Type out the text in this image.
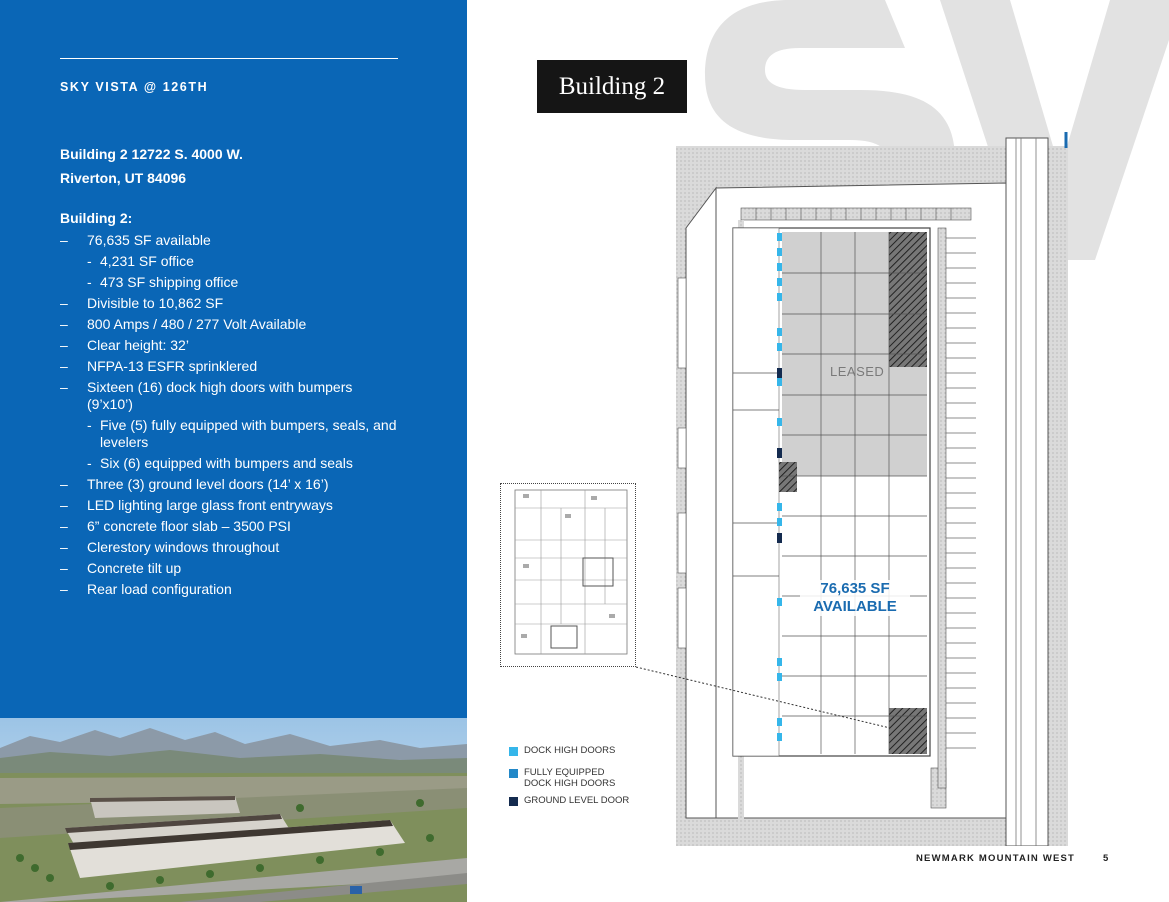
SKY VISTA @ 126TH
Building 2 12722 S. 4000 W.
Riverton, UT 84096
Building 2:
– 76,635 SF available
- 4,231 SF office
- 473 SF shipping office
– Divisible to 10,862 SF
– 800 Amps / 480 / 277 Volt Available
– Clear height: 32’
– NFPA-13 ESFR sprinklered
– Sixteen (16) dock high doors with bumpers (9’x10’)
- Five (5) fully equipped with bumpers, seals, and levelers
- Six (6) equipped with bumpers and seals
– Three (3) ground level doors (14’ x 16’)
– LED lighting large glass front entryways
– 6” concrete floor slab – 3500 PSI
– Clerestory windows throughout
– Concrete tilt up
– Rear load configuration
Building 2
LEASED
76,635 SF
AVAILABLE
DOCK HIGH DOORS
FULLY EQUIPPED DOCK HIGH DOORS
GROUND LEVEL DOOR
NEWMARK MOUNTAIN WEST	5
